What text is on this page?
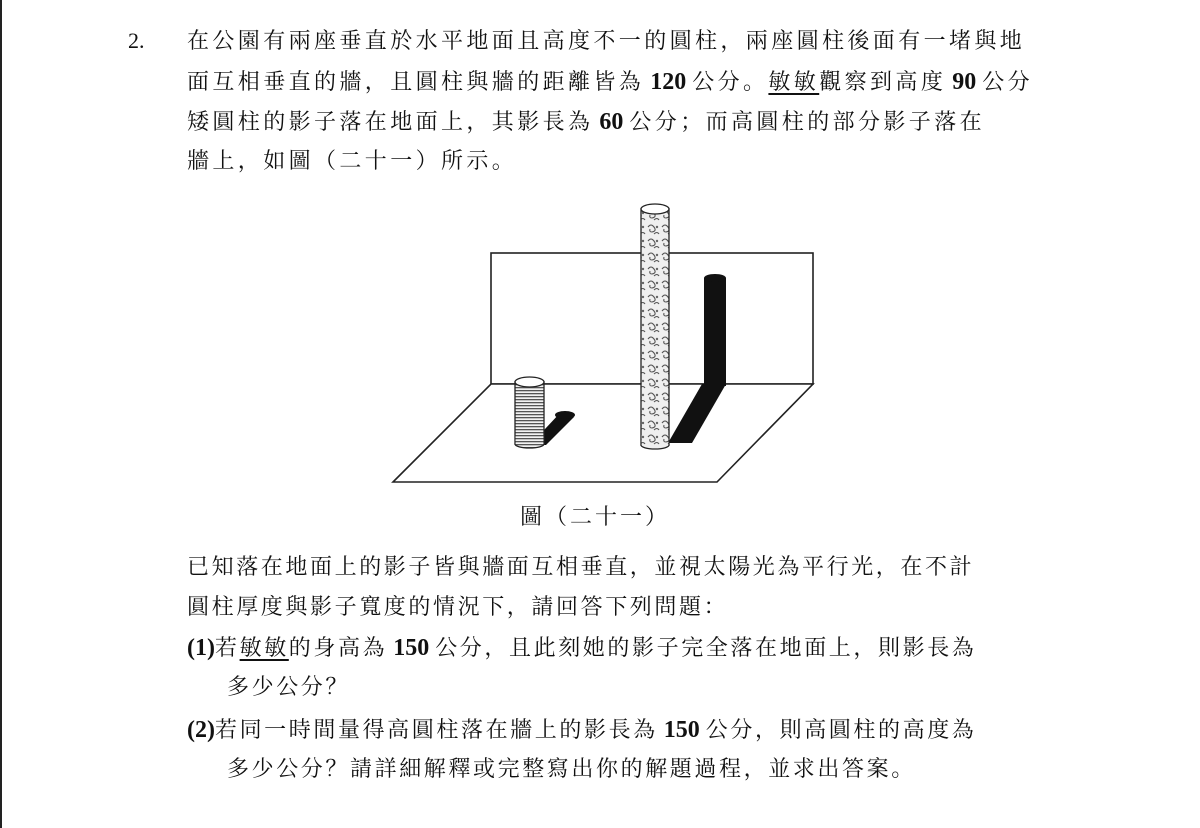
2. 在公園有兩座垂直於水平地面且高度不一的圓柱，兩座圓柱後面有一堵與地
面互相垂直的牆，且圓柱與牆的距離皆為 120 公分。敏敏觀察到高度 90 公分
矮圓柱的影子落在地面上，其影長為 60 公分；而高圓柱的部分影子落在
牆上，如圖（二十一）所示。
圖（二十一）
已知落在地面上的影子皆與牆面互相垂直，並視太陽光為平行光，在不計
圓柱厚度與影子寬度的情況下，請回答下列問題：
(1)若敏敏的身高為 150 公分，且此刻她的影子完全落在地面上，則影長為
多少公分？
(2)若同一時間量得高圓柱落在牆上的影長為 150 公分，則高圓柱的高度為
多少公分？請詳細解釋或完整寫出你的解題過程，並求出答案。
